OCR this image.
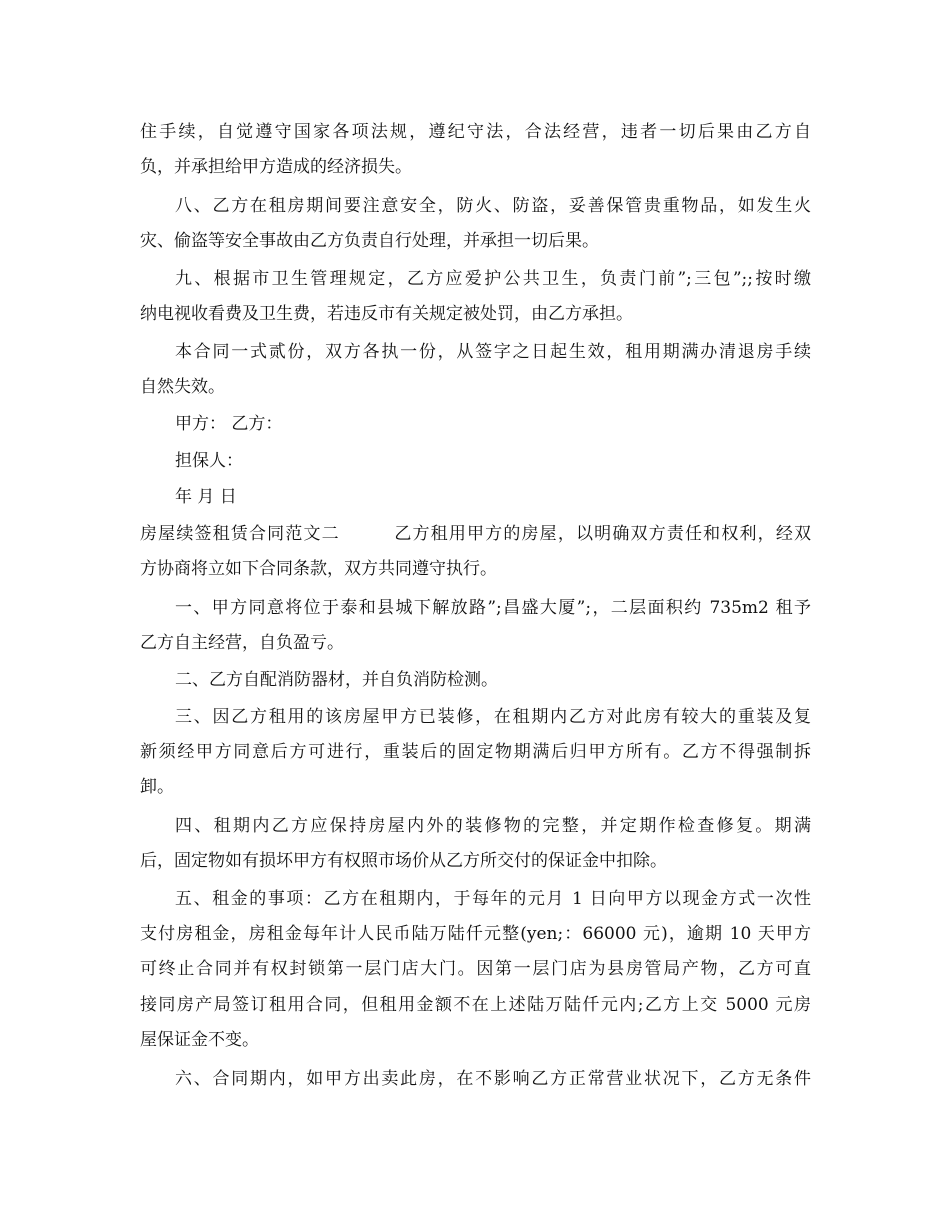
住手续，自觉遵守国家各项法规，遵纪守法，合法经营，违者一切后果由乙方自
负，并承担给甲方造成的经济损失。
八、乙方在租房期间要注意安全，防火、防盗，妥善保管贵重物品，如发生火
灾、偷盗等安全事故由乙方负责自行处理，并承担一切后果。
九、根据市卫生管理规定，乙方应爱护公共卫生，负责门前”;三包”;;按时缴
纳电视收看费及卫生费，若违反市有关规定被处罚，由乙方承担。
本合同一式贰份，双方各执一份，从签字之日起生效，租用期满办清退房手续
自然失效。
甲方： 乙方：
担保人：
年 月 日
房屋续签租赁合同范文二　　　乙方租用甲方的房屋，以明确双方责任和权利，经双
方协商将立如下合同条款，双方共同遵守执行。
一、甲方同意将位于泰和县城下解放路”;昌盛大厦”;，二层面积约 735m2 租予
乙方自主经营，自负盈亏。
二、乙方自配消防器材，并自负消防检测。
三、因乙方租用的该房屋甲方已装修，在租期内乙方对此房有较大的重装及复
新须经甲方同意后方可进行，重装后的固定物期满后归甲方所有。乙方不得强制拆
卸。
四、租期内乙方应保持房屋内外的装修物的完整，并定期作检查修复。期满
后，固定物如有损坏甲方有权照市场价从乙方所交付的保证金中扣除。
五、租金的事项：乙方在租期内，于每年的元月 1 日向甲方以现金方式一次性
支付房租金，房租金每年计人民币陆万陆仟元整(yen;：66000 元)，逾期 10 天甲方
可终止合同并有权封锁第一层门店大门。因第一层门店为县房管局产物，乙方可直
接同房产局签订租用合同，但租用金额不在上述陆万陆仟元内;乙方上交 5000 元房
屋保证金不变。
六、合同期内，如甲方出卖此房，在不影响乙方正常营业状况下，乙方无条件
